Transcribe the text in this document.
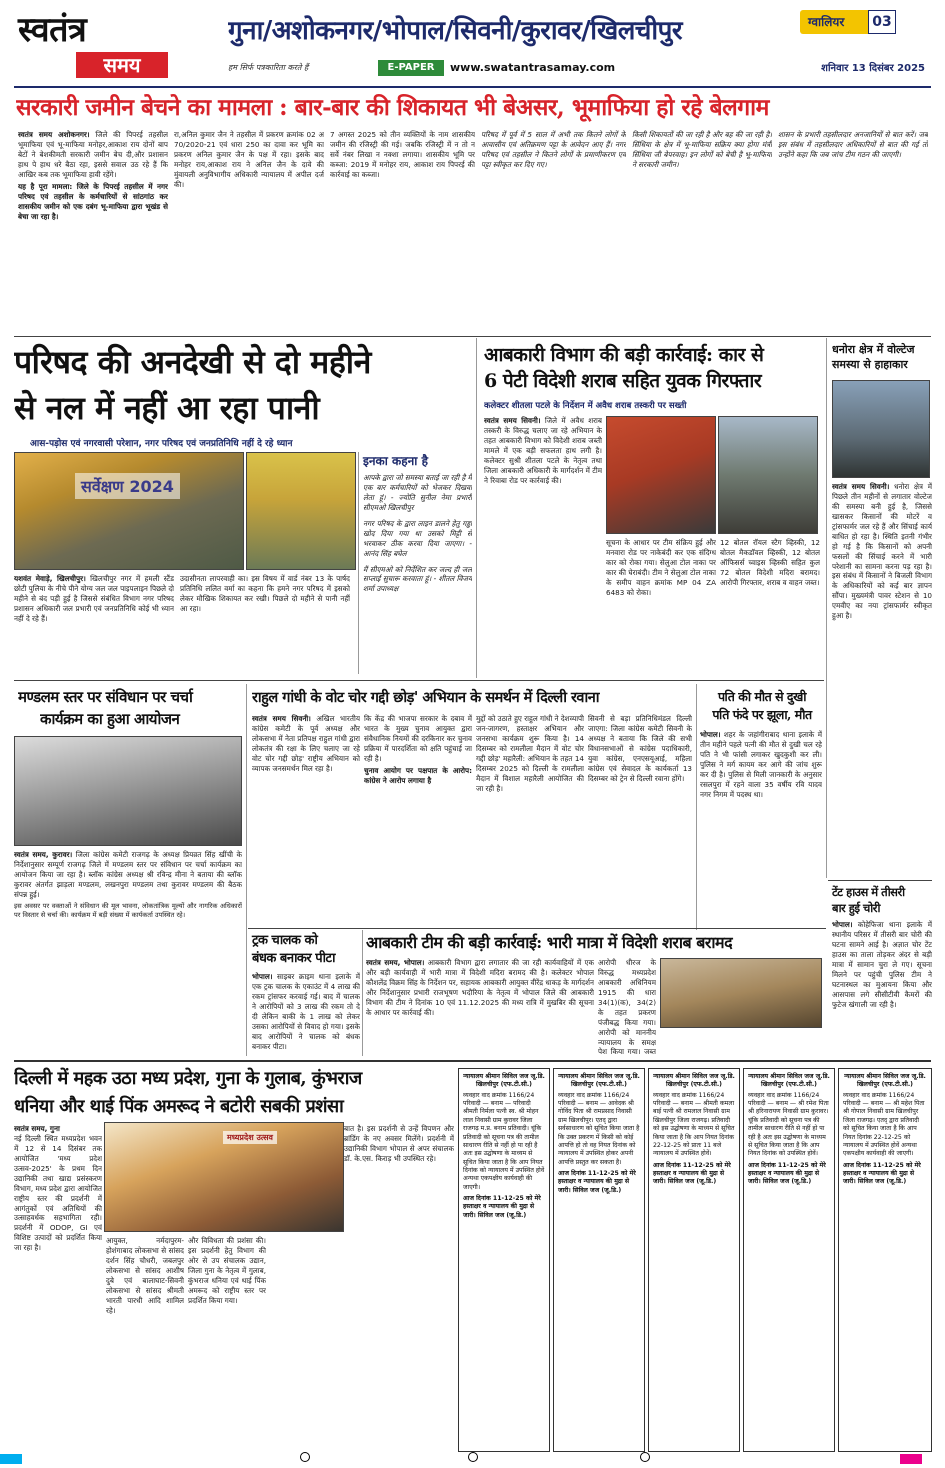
स्वतंत्र
समय
गुना/अशोकनगर/भोपाल/सिवनी/कुरावर/खिलचीपुर
हम सिर्फ पत्रकारिता करते हैं	E-PAPER	www.swatantrasamay.com
ग्वालियर	03
शनिवार 13 दिसंबर 2025
सरकारी जमीन बेचने का मामला : बार-बार की शिकायत भी बेअसर, भूमाफिया हो रहे बेलगाम

स्वतंत्र समय अशोकनगर। जिले की पिपरई तहसील भूमाफिया एवं भू-माफिया मनोहर,आकाश राय दोनों बाप बेटों ने बेशकीमती सरकारी जमीन बेच दी,और प्रशासन हाथ पे हाथ धरे बैठा रहा, इससे सवाल उठ रहे हैं कि आखिर कब तक भूमाफिया हावी रहेंगे।

यह है पूरा मामला: जिले के पिपरई तहसील में नगर परिषद एवं तहसील के कर्मचारियों से सांठगांठ कर शासकीय जमीन को एक दबंग भू-माफिया द्वारा भूखंड से बेचा जा रहा है।

रा,अनिल कुमार जैन ने तहसील में प्रकरण क्रमांक 02 अ 70/2020-21 एवं धारा 250 का दावा कर भूमि का प्रकरण अनिल कुमार जैन के पक्ष में रहा। इसके बाद मनोहर राय,आकाश राय ने अनिल जैन के दावे की मुंवायली अनुविभागीय अधिकारी न्यायालय में अपील दर्ज की।
7 अगस्त 2025 को तीन व्यक्तियों के नाम शासकीय जमीन की रजिस्ट्री की गई। जबकि रजिस्ट्री में न तो न सर्वे नंबर लिखा न नक्शा लगाया। शासकीय भूमि पर कब्जा: 2019 में मनोहर राय, आकाश राय पिपरई की कार्रवाई का कब्जा।
परिषद में पूर्व में 5 साल में अभी तक कितने लोगों के आवासीय एवं अतिक्रमण पट्टा के आवेदन आए हैं। नगर परिषद एवं तहसील ने कितने लोगों के प्रमाणीकरण एवं पट्टा स्वीकृत कर दिए गए।
किसी शिकायतों की जा रही है और बह की जा रही है। सिंधिया के क्षेत्र में भू-माफिया सक्रिय क्या होगा मंत्री सिंधिया जी बेपरवाह। इन लोगों को बेची है भू-माफिया ने सरकारी जमीन।
शासन के प्रभारी तहसीलदार अनजानियों से बात करें। जब इस संबंध में तहसीलदार अधिकारियों से बात की गई तो उन्होंने कहा कि जब जांच टीम गठन की जाएगी।
परिषद की अनदेखी से दो महीने
से नल में नहीं आ रहा पानी
आस-पड़ोस एवं नगरवासी परेशान, नगर परिषद एवं जनप्रतिनिधि नहीं दे रहे ध्यान
सर्वेक्षण 2024
यशवंत मेवाड़े, खिलचीपुर। खिलचीपुर नगर में हमली स्टैंड छोटी पुलिया के नीचे पीने योग्य जल जल पाइपलाइन पिछले दो महीने से बंद पड़ी हुई है जिससे संबंधित विभाग नगर परिषद प्रशासन अधिकारी जल प्रभारी एवं जनप्रतिनिधि कोई भी ध्यान नहीं दे रहे हैं।
उदासीनता लापरवाही का। इस विषय में वार्ड नंबर 13 के पार्षद प्रतिनिधि ललित वर्मा का कहना कि हमने नगर परिषद में इसको लेकर मौखिक शिकायत कर रखी। पिछले दो महीने से पानी नहीं आ रहा।
इनका कहना है
आपके द्वारा जो समस्या बताई जा रही है मैं एक बार कर्मचारियों को भेजकर दिखवा लेता हूं। - ज्योति सुनील नेमा प्रभारी सीएमओ खिलचीपुर
नगर परिषद के द्वारा लाइन डालने हेतु गड्ढा खोद दिया गया था उसको मिट्टी से भरवाकर ठीक करवा दिया जाएगा। - आनंद सिंह बघेल
मैं सीएमओ को निर्देशित कर जल्द ही जल सप्लाई सुचारू करवाता हूं। - शीतल विजय शर्मा उपाध्यक्ष
आबकारी विभाग की बड़ी कार्रवाई: कार से
6 पेटी विदेशी शराब सहित युवक गिरफ्तार
कलेक्टर शीतला पटले के निर्देशन में अवैध शराब तस्करी पर सख्ती
स्वतंत्र समय सिवनी। जिले में अवैध शराब तस्करी के विरुद्ध चलाए जा रहे अभियान के तहत आबकारी विभाग को विदेशी शराब जब्ती मामले में एक बड़ी सफलता हाथ लगी है। कलेक्टर सुश्री शीतला पटले के नेतृत्व तथा जिला आबकारी अधिकारी के मार्गदर्शन में टीम ने रिवाबा रोड पर कार्रवाई की।
सूचना के आधार पर टीम संक्रिय हुई और मनवारा रोड पर नाकेबंदी कर एक संदिग्ध कार को रोका गया। सेलुआ टोल नाका पर कार की घेराबंदी। टीम ने सेलुआ टोल नाका के समीप वाहन क्रमांक MP 04 ZA 6483 को रोका।
12 बोतल रॉयल स्टैग व्हिस्की, 12 बोतल मैकडॉवल व्हिस्की, 12 बोतल ऑफिसर्स च्वाइस व्हिस्की सहित कुल 72 बोतल विदेशी मदिरा बरामद। आरोपी गिरफ्तार, शराब व वाहन जब्त।
धनोरा क्षेत्र में वोल्टेज समस्या से हाहाकार
स्वतंत्र समय सिवनी। धनोरा क्षेत्र में पिछले तीन महीनों से लगातार वोल्टेज की समस्या बनी हुई है, जिससे खासकर किसानों की मोटरें व ट्रांसफार्मर जल रहे हैं और सिंचाई कार्य बाधित हो रहा है। स्थिति इतनी गंभीर हो गई है कि किसानों को अपनी फसलों की सिंचाई करने में भारी परेशानी का सामना करना पड़ रहा है। इस संबंध में किसानों ने बिजली विभाग के अधिकारियों को कई बार ज्ञापन सौंपा। मुख्यमंत्री पावर स्टेशन से 10 एमवीए का नया ट्रांसफार्मर स्वीकृत हुआ है।
मण्डलम स्तर पर संविधान पर चर्चा
कार्यक्रम का हुआ आयोजन

स्वतंत्र समय, कुरावर। जिला कांग्रेस कमेटी राजगढ़ के अध्यक्ष प्रियव्रत सिंह खींची के निर्देशानुसार सम्पूर्ण राजगढ़ जिले में मण्डलम स्तर पर संविधान पर चर्चा कार्यक्रम का आयोजन किया जा रहा है। ब्लॉक कांग्रेस अध्यक्ष श्री रविन्द्र मीना ने बताया की ब्लॉक कुरावर अंतर्गत झाड़ला मण्डलम, लखनपुरा मण्डलम तथा कुरावर मण्डलम की बैठक संपन्न हुई।

इस अवसर पर वक्ताओं ने संविधान की मूल भावना, लोकतांत्रिक मूल्यों और नागरिक अधिकारों पर विस्तार से चर्चा की। कार्यक्रम में बड़ी संख्या में कार्यकर्ता उपस्थित रहे।

राहुल गांधी के वोट चोर गद्दी छोड़' अभियान के समर्थन में दिल्ली रवाना
स्वतंत्र समय सिवनी। अखिल भारतीय कांग्रेस कमेटी के पूर्व अध्यक्ष और लोकसभा में नेता प्रतिपक्ष राहुल गांधी द्वारा लोकतंत्र की रक्षा के लिए चलाए जा रहे वोट चोर गद्दी छोड़' राष्ट्रीय अभियान को व्यापक जनसमर्थन मिल रहा है।

कि केंद्र की भाजपा सरकार के दबाव में भारत के मुख्य चुनाव आयुक्त द्वारा संवैधानिक नियमों की दरकिनार कर चुनाव प्रक्रिया में पारदर्शिता को क्षति पहुंचाई जा रही है।

चुनाव आयोग पर पक्षपात के आरोप: कांग्रेस ने आरोप लगाया है

मुद्दों को उठाते हुए राहुल गांधी ने देशव्यापी जन-जागरण, हस्ताक्षर अभियान और जनसभा कार्यक्रम शुरू किया है। 14 दिसम्बर को रामलीला मैदान में वोट चोर गद्दी छोड़' महारैली: अभियान के तहत 14 दिसम्बर 2025 को दिल्ली के रामलीला मैदान में विशाल महारैली आयोजित की जा रही है।
सिवनी से बड़ा प्रतिनिधिमंडल दिल्ली जाएगा: जिला कांग्रेस कमेटी सिवनी के अध्यक्ष ने बताया कि जिले की सभी विधानसभाओं से कांग्रेस पदाधिकारी, युवा कांग्रेस, एनएसयूआई, महिला कांग्रेस एवं सेवादल के कार्यकर्ता 13 दिसम्बर को ट्रेन से दिल्ली रवाना होंगे।
पति की मौत से दुखी
पति फंदे पर झूला, मौत
भोपाल। शहर के जहांगीराबाद थाना इलाके में तीन महीने पहले पत्नी की मौत से दुखी चल रहे पति ने भी फांसी लगाकर खुदकुशी कर ली। पुलिस ने मर्ग कायम कर आगे की जांच शुरू कर दी है। पुलिस से मिली जानकारी के अनुसार रसलपुरा में रहने वाला 35 वर्षीय रवि यादव नगर निगम में पदस्थ था।
ट्रक चालक को
बंधक बनाकर पीटा
भोपाल। साइबर क्राइम थाना इलाके में एक ट्रक चालक के एकाउंट में 4 लाख की रकम ट्रांसफर करवाई गई। बाद में चालक ने आरोपियों को 3 लाख की रकम तो दे दी लेकिन बाकी के 1 लाख को लेकर उसका आरोपियों से विवाद हो गया। इसके बाद आरोपियों ने चालक को बंधक बनाकर पीटा।
आबकारी टीम की बड़ी कार्रवाई: भारी मात्रा में विदेशी शराब बरामद
स्वतंत्र समय, भोपाल। आबकारी विभाग द्वारा लगातार की जा रही कार्यवाहियों में एक और बड़ी कार्यवाही में भारी मात्रा में विदेशी मदिरा बरामद की है। कलेक्टर भोपाल कौशलेंद्र विक्रम सिंह के निर्देशन पर, सहायक आबकारी आयुक्त वीरेंद्र धाकड़ के मार्गदर्शन और निर्देशानुसार प्रभारी राजभूषण भदौरिया के नेतृत्व में भोपाल जिले की आबकारी विभाग की टीम ने दिनांक 10 एवं 11.12.2025 की मध्य रात्रि में मुखबिर की सूचना के आधार पर कार्रवाई की।
आरोपी धीरज के विरुद्ध मध्यप्रदेश आबकारी अधिनियम 1915 की धारा 34(1)(क), 34(2) के तहत प्रकरण पंजीबद्ध किया गया। आरोपी को माननीय न्यायालय के समक्ष पेश किया गया। जब्त
टेंट हाउस में तीसरी
बार हुई चोरी
भोपाल। कोहेफिजा थाना इलाके में स्थानीय परिसर में तीसरी बार चोरी की घटना सामने आई है। अज्ञात चोर टेंट हाउस का ताला तोड़कर अंदर से बड़ी मात्रा में सामान चुरा ले गए। सूचना मिलने पर पहुंची पुलिस टीम ने घटनास्थल का मुआयना किया और आसपास लगे सीसीटीवी कैमरों की फुटेज खंगाली जा रही है।
दिल्ली में महक उठा मध्य प्रदेश, गुना के गुलाब, कुंभराज
धनिया और थाई पिंक अमरूद ने बटोरी सबकी प्रशंसा
मध्यप्रदेश उत्सव
स्वतंत्र समय, गुना
नई दिल्ली स्थित मध्यप्रदेश भवन में 12 से 14 दिसंबर तक आयोजित 'मध्य प्रदेश उत्सव-2025' के प्रथम दिन उद्यानिकी तथा खाद्य प्रसंस्करण विभाग, मध्य प्रदेश द्वारा आयोजित राष्ट्रीय स्तर की प्रदर्शनी में आगंतुकों एवं अतिथियों की उत्साहवर्धक सहभागिता रही। प्रदर्शनी में ODOP, GI एवं विशिष्ट उत्पादों को प्रदर्शित किया जा रहा है।
आयुक्त, नर्मदापुरम-होशंगाबाद लोकसभा से सांसद दर्शन सिंह चौधरी, जबलपुर लोकसभा से सांसद आशीष दुबे एवं बालाघाट-सिवनी लोकसभा से सांसद श्रीमती भारती पारधी आदि शामिल रहे।
और विविधता की प्रशंसा की। इस प्रदर्शनी हेतु विभाग की ओर से उप संचालक उद्यान, जिला गुना के नेतृत्व में गुलाब, कुंभराज धनिया एवं थाई पिंक अमरूद को राष्ट्रीय स्तर पर प्रदर्शित किया गया।
बात है। इस प्रदर्शनी से उन्हें विपणन और ब्रांडिंग के नए अवसर मिलेंगे। प्रदर्शनी में उद्यानिकी विभाग भोपाल से अपर संचालक डॉ. के.एस. किराड़ भी उपस्थित रहे।
न्यायालय श्रीमान सिविल जज जू.डि. खिलचीपुर (एफ.टी.सी.)
व्यवहार वाद क्रमांक 1166/24 परिवादी — बनाम — परिवादी श्रीमती निर्मला पत्नी स्व. श्री मोहन लाल निवासी ग्राम कुरावर जिला राजगढ़ म.प्र. बनाम प्रतिवादी। चूंकि प्रतिवादी को सूचना पत्र की तामील साधारण रीति से नहीं हो पा रही है अतः इस उद्घोषणा के माध्यम से सूचित किया जाता है कि आप नियत दिनांक को न्यायालय में उपस्थित होवें अन्यथा एकपक्षीय कार्यवाही की जाएगी।
आज दिनांक 11-12-25 को मेरे हस्ताक्षर व न्यायालय की मुद्रा से जारी। सिविल जज (जू.डि.)
न्यायालय श्रीमान सिविल जज जू.डि. खिलचीपुर (एफ.टी.सी.)
व्यवहार वाद क्रमांक 1166/24 परिवादी — बनाम — आवेदक श्री गोविंद पिता श्री रामप्रसाद निवासी ग्राम खिलचीपुर। एतद् द्वारा सर्वसाधारण को सूचित किया जाता है कि उक्त प्रकरण में किसी को कोई आपत्ति हो तो वह नियत दिनांक को न्यायालय में उपस्थित होकर अपनी आपत्ति प्रस्तुत कर सकता है।
आज दिनांक 11-12-25 को मेरे हस्ताक्षर व न्यायालय की मुद्रा से जारी। सिविल जज (जू.डि.)
न्यायालय श्रीमान सिविल जज जू.डि. खिलचीपुर (एफ.टी.सी.)
व्यवहार वाद क्रमांक 1166/24 परिवादी — बनाम — श्रीमती कमला बाई पत्नी श्री रामलाल निवासी ग्राम खिलचीपुर जिला राजगढ़। प्रतिवादी को इस उद्घोषणा के माध्यम से सूचित किया जाता है कि आप नियत दिनांक 22-12-25 को प्रातः 11 बजे न्यायालय में उपस्थित होवें।
आज दिनांक 11-12-25 को मेरे हस्ताक्षर व न्यायालय की मुद्रा से जारी। सिविल जज (जू.डि.)
न्यायालय श्रीमान सिविल जज जू.डि. खिलचीपुर (एफ.टी.सी.)
व्यवहार वाद क्रमांक 1166/24 परिवादी — बनाम — श्री रमेश पिता श्री हरिनारायण निवासी ग्राम कुरावर। चूंकि प्रतिवादी को सूचना पत्र की तामील साधारण रीति से नहीं हो पा रही है अतः इस उद्घोषणा के माध्यम से सूचित किया जाता है कि आप नियत दिनांक को उपस्थित होवें।
आज दिनांक 11-12-25 को मेरे हस्ताक्षर व न्यायालय की मुद्रा से जारी। सिविल जज (जू.डि.)
न्यायालय श्रीमान सिविल जज जू.डि. खिलचीपुर (एफ.टी.सी.)
व्यवहार वाद क्रमांक 1166/24 परिवादी — बनाम — श्री महेश पिता श्री गोपाल निवासी ग्राम खिलचीपुर जिला राजगढ़। एतद् द्वारा प्रतिवादी को सूचित किया जाता है कि आप नियत दिनांक 22-12-25 को न्यायालय में उपस्थित होवें अन्यथा एकपक्षीय कार्यवाही की जाएगी।
आज दिनांक 11-12-25 को मेरे हस्ताक्षर व न्यायालय की मुद्रा से जारी। सिविल जज (जू.डि.)
